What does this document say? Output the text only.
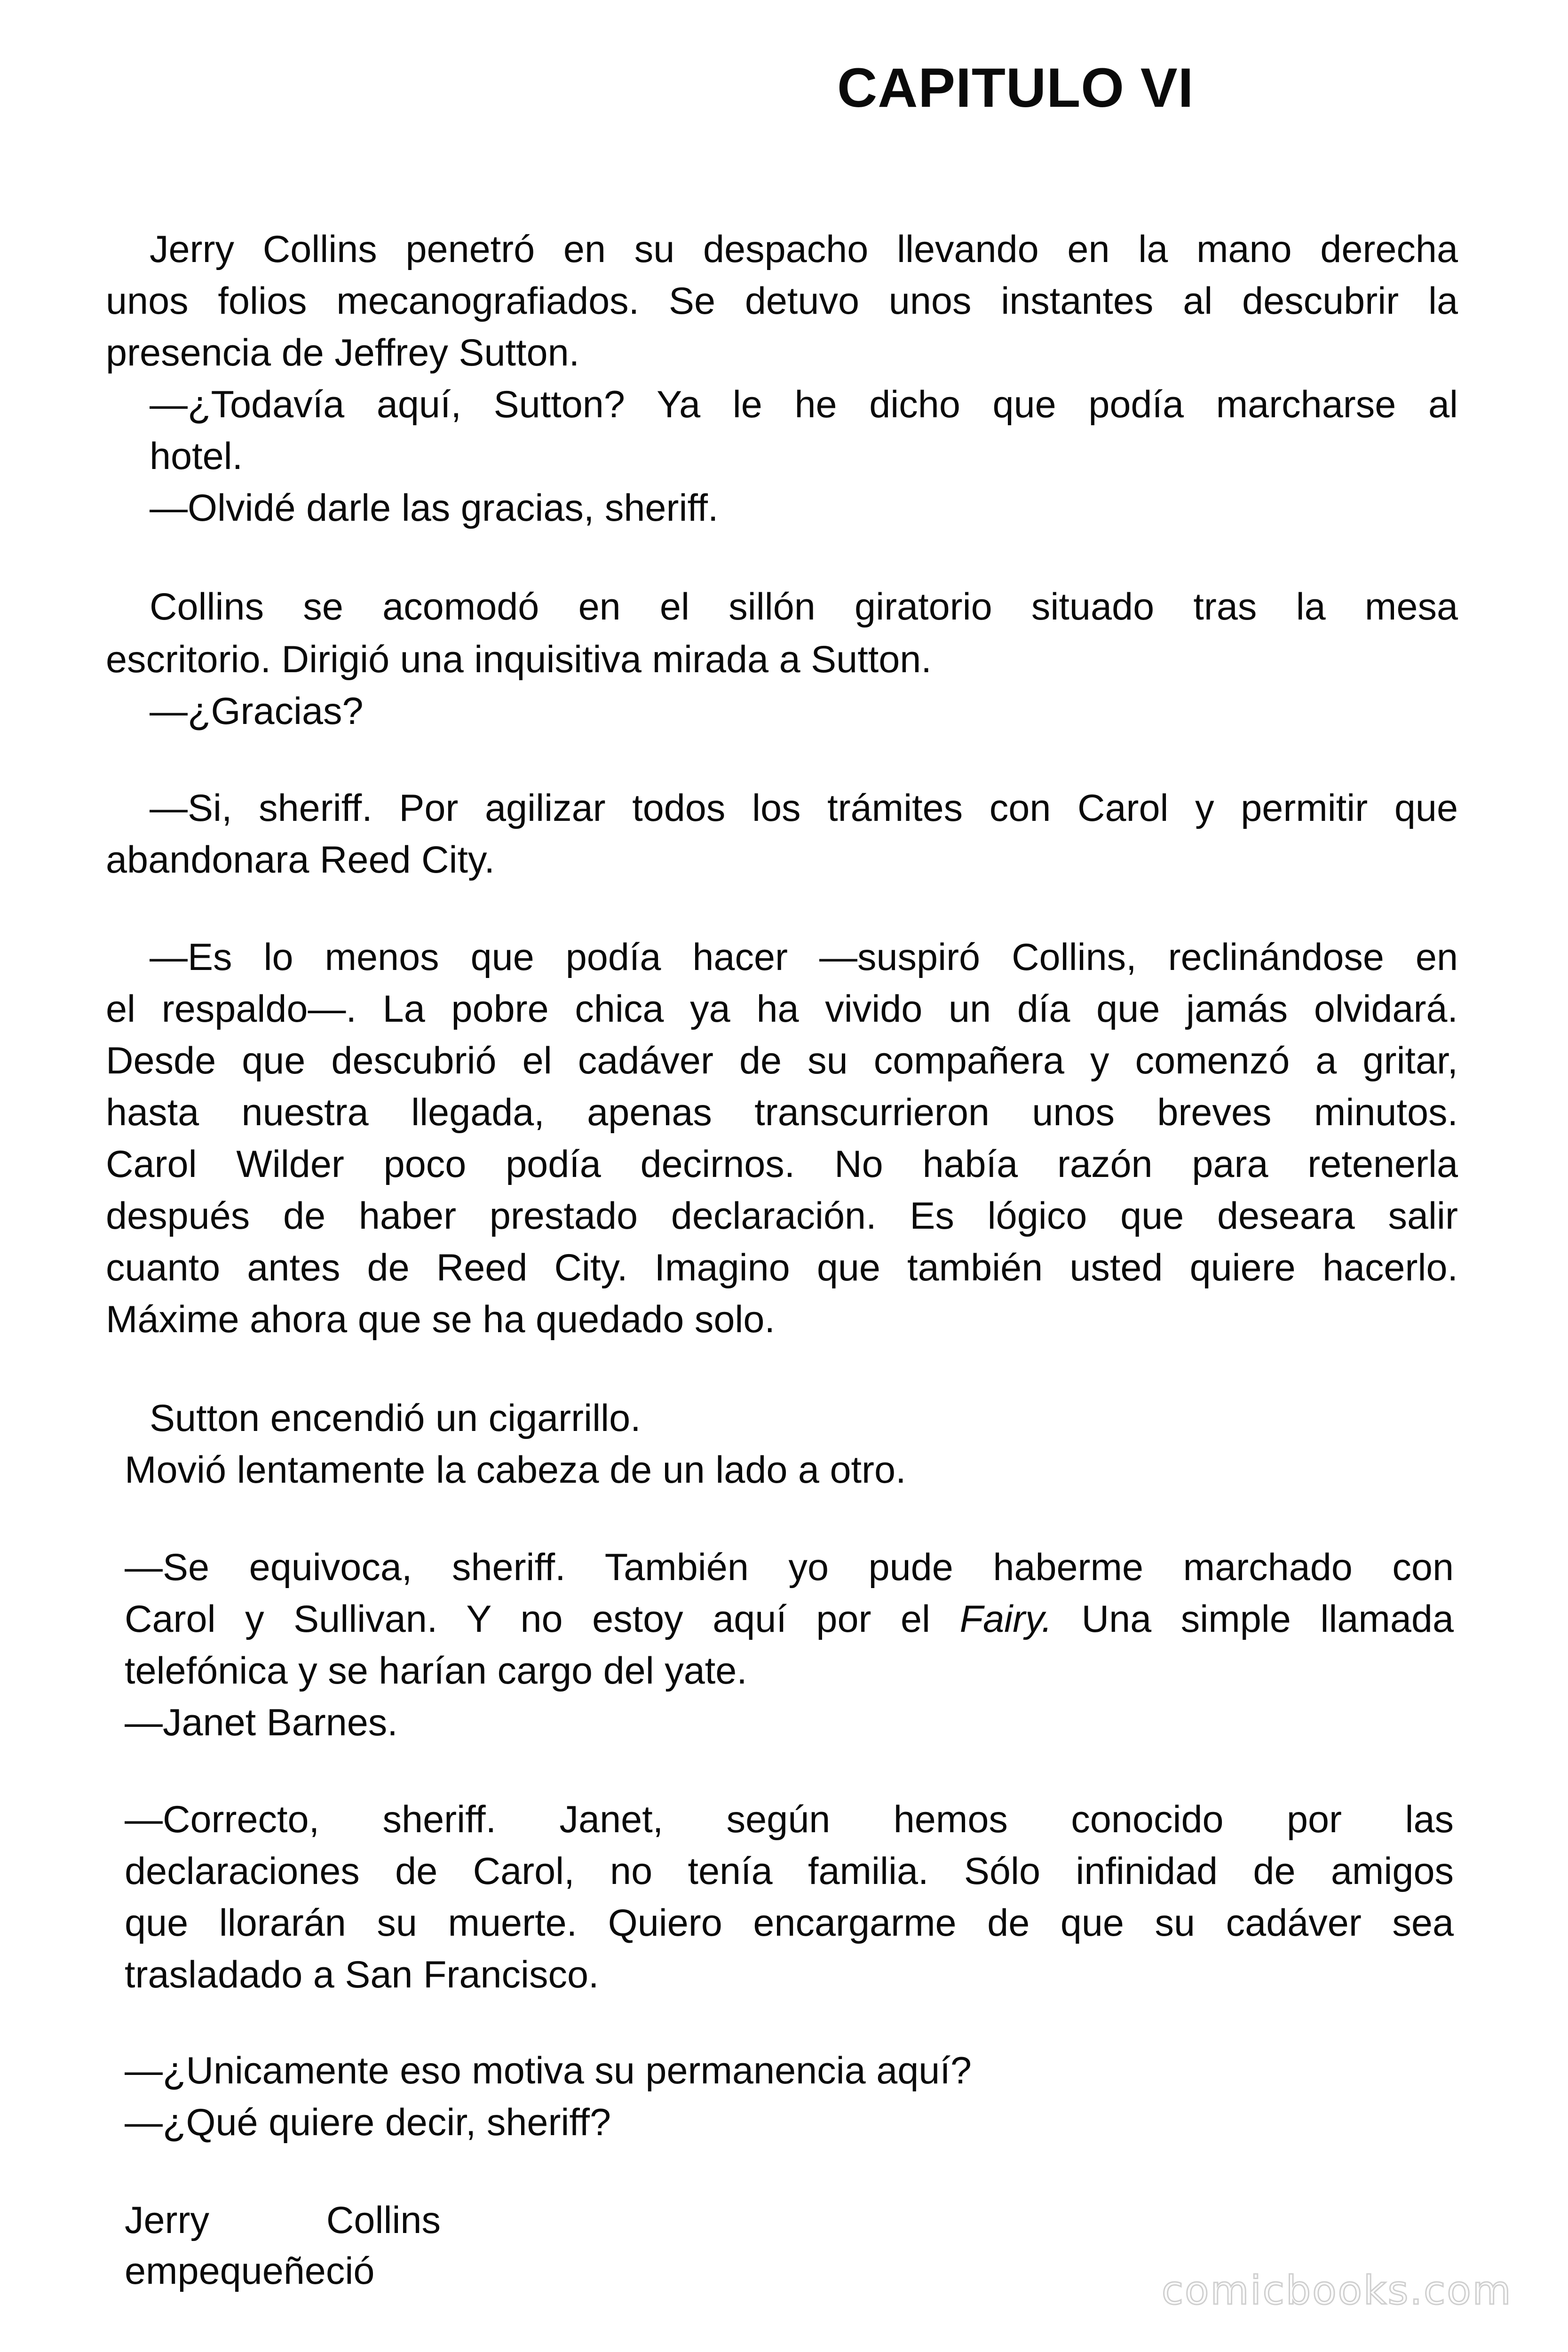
CAPITULO VI

Jerry Collins penetró en su despacho llevando en la mano derecha

unos folios mecanografiados. Se detuvo unos instantes al descubrir la

presencia de Jeffrey Sutton.

—¿Todavía aquí, Sutton? Ya le he dicho que podía marcharse al

hotel.

—Olvidé darle las gracias, sheriff.

Collins se acomodó en el sillón giratorio situado tras la mesa

escritorio. Dirigió una inquisitiva mirada a Sutton.

—¿Gracias?

—Si, sheriff. Por agilizar todos los trámites con Carol y permitir que

abandonara Reed City.

—Es lo menos que podía hacer —suspiró Collins, reclinándose en

el respaldo—. La pobre chica ya ha vivido un día que jamás olvidará.

Desde que descubrió el cadáver de su compañera y comenzó a gritar,

hasta nuestra llegada, apenas transcurrieron unos breves minutos.

Carol Wilder poco podía decirnos. No había razón para retenerla

después de haber prestado declaración. Es lógico que deseara salir

cuanto antes de Reed City. Imagino que también usted quiere hacerlo.

Máxime ahora que se ha quedado solo.

Sutton encendió un cigarrillo.

Movió lentamente la cabeza de un lado a otro.

—Se equivoca, sheriff. También yo pude haberme marchado con

Carol y Sullivan. Y no estoy aquí por el Fairy. Una simple llamada

telefónica y se harían cargo del yate.

—Janet Barnes.

—Correcto, sheriff. Janet, según hemos conocido por las

declaraciones de Carol, no tenía familia. Sólo infinidad de amigos

que llorarán su muerte. Quiero encargarme de que su cadáver sea

trasladado a San Francisco.

—¿Unicamente eso motiva su permanencia aquí?

—¿Qué quiere decir, sheriff?

Jerry	Collins

empequeñeció	comicbooks.com
